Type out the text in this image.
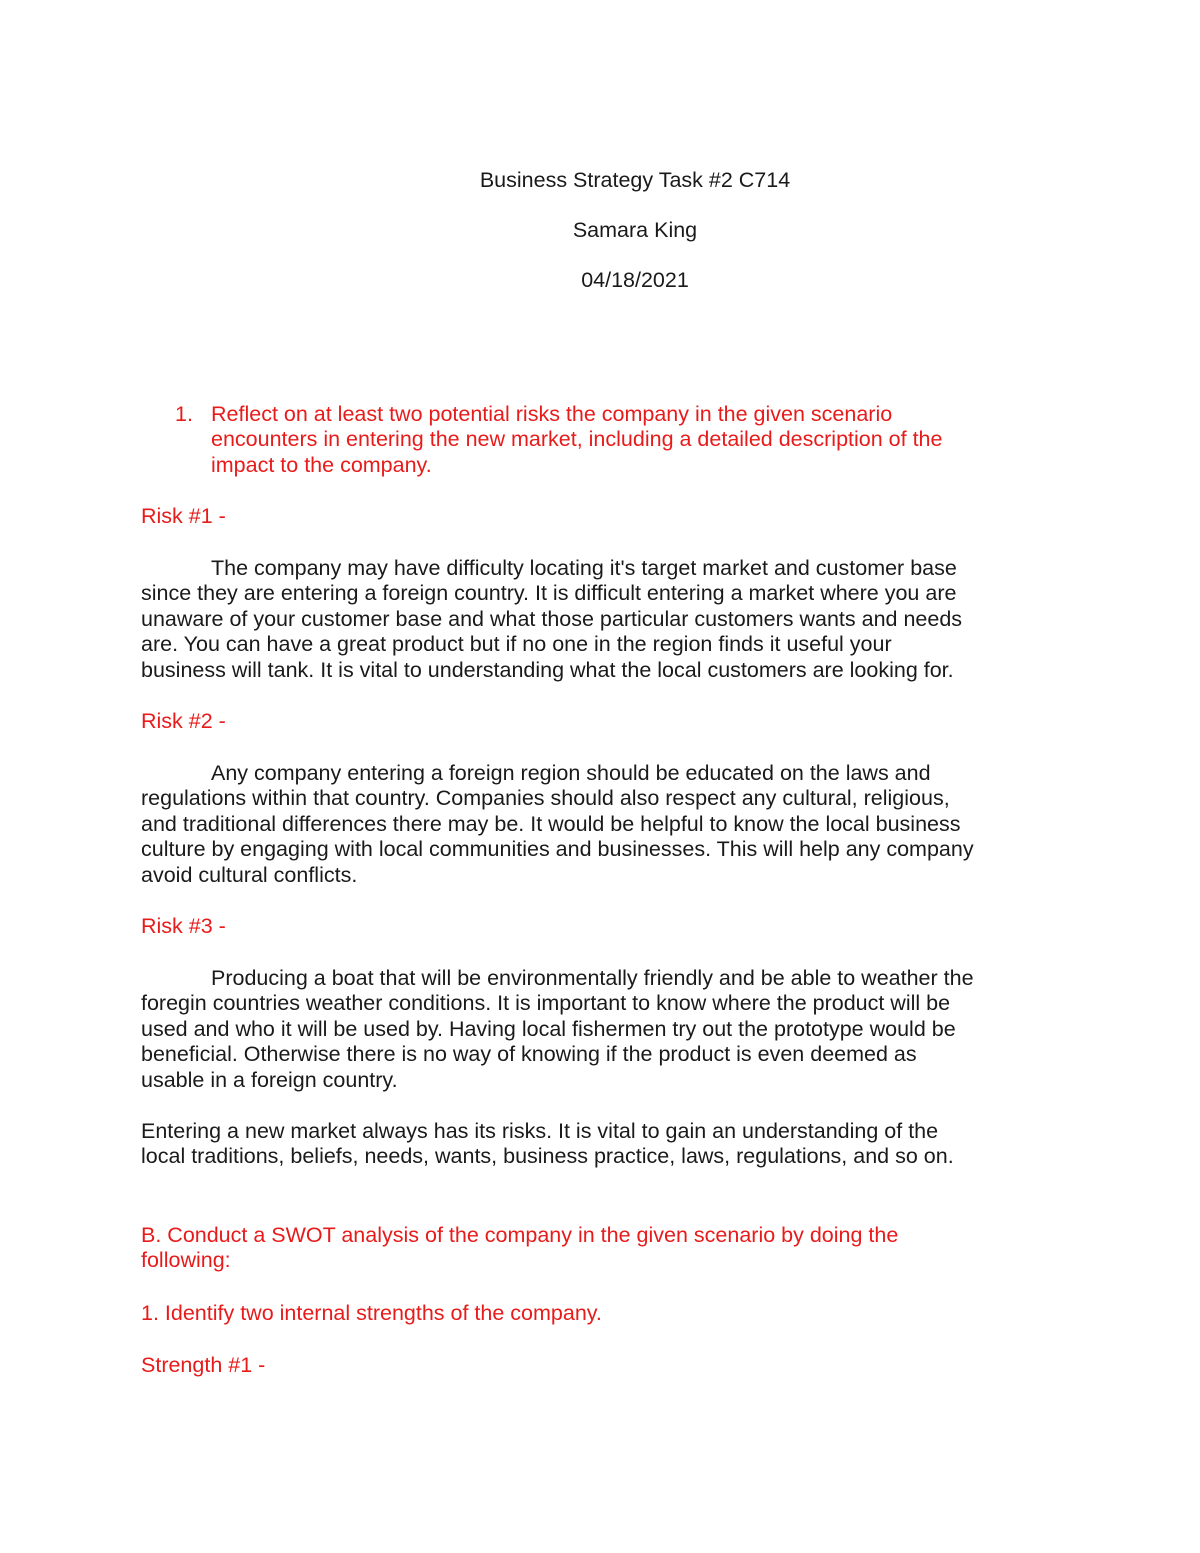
Business Strategy Task #2 C714

Samara King

04/18/2021

1. Reflect on at least two potential risks the company in the given scenario

encounters in entering the new market, including a detailed description of the

impact to the company.

Risk #1 -

The company may have difficulty locating it's target market and customer base

since they are entering a foreign country. It is difficult entering a market where you are

unaware of your customer base and what those particular customers wants and needs

are. You can have a great product but if no one in the region finds it useful your

business will tank. It is vital to understanding what the local customers are looking for.

Risk #2 -

Any company entering a foreign region should be educated on the laws and

regulations within that country. Companies should also respect any cultural, religious,

and traditional differences there may be. It would be helpful to know the local business

culture by engaging with local communities and businesses. This will help any company

avoid cultural conflicts.

Risk #3 -

Producing a boat that will be environmentally friendly and be able to weather the

foregin countries weather conditions. It is important to know where the product will be

used and who it will be used by. Having local fishermen try out the prototype would be

beneficial. Otherwise there is no way of knowing if the product is even deemed as

usable in a foreign country.

Entering a new market always has its risks. It is vital to gain an understanding of the

local traditions, beliefs, needs, wants, business practice, laws, regulations, and so on.

B. Conduct a SWOT analysis of the company in the given scenario by doing the

following:

1. Identify two internal strengths of the company.

Strength #1 -
